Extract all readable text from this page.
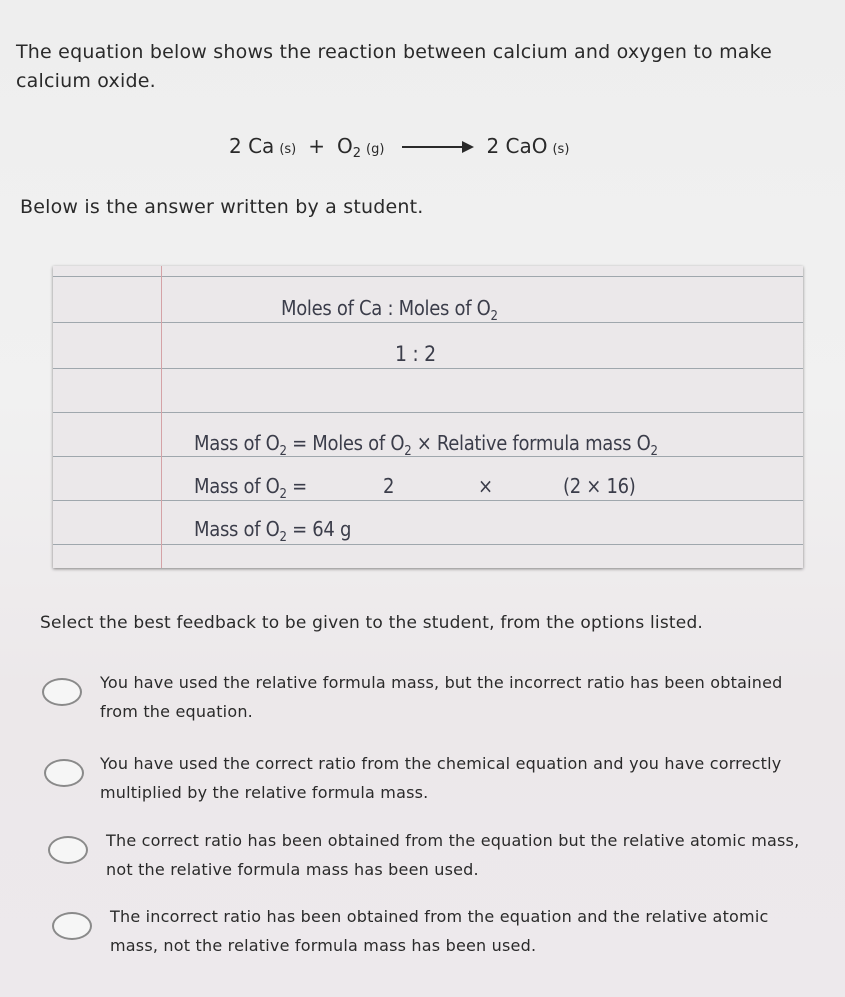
The equation below shows the reaction between calcium and oxygen to make calcium oxide.
2 Ca (s) + O 2 (g)	2 CaO (s)
Below is the answer written by a student.
Moles of Ca : Moles of $O_2$
1 : 2
Mass of $O_2$ = Moles of $O_2$ × Relative formula mass $O_2$
Mass of $O_2$ =	2	×	(2 × 16)
Mass of $O_2 = 64$ g
Select the best feedback to be given to the student, from the options listed.
You have used the relative formula mass, but the incorrect ratio has been obtained from the equation.
You have used the correct ratio from the chemical equation and you have correctly multiplied by the relative formula mass.
The correct ratio has been obtained from the equation but the relative atomic mass, not the relative formula mass has been used.
The incorrect ratio has been obtained from the equation and the relative atomic mass, not the relative formula mass has been used.
